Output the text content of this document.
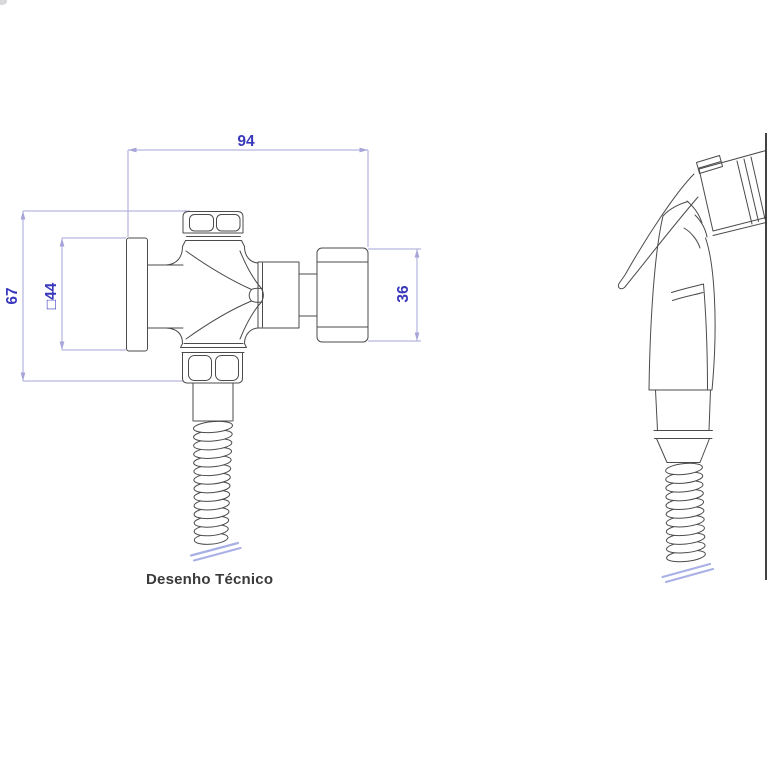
94
67 □44	36
Desenho Técnico
